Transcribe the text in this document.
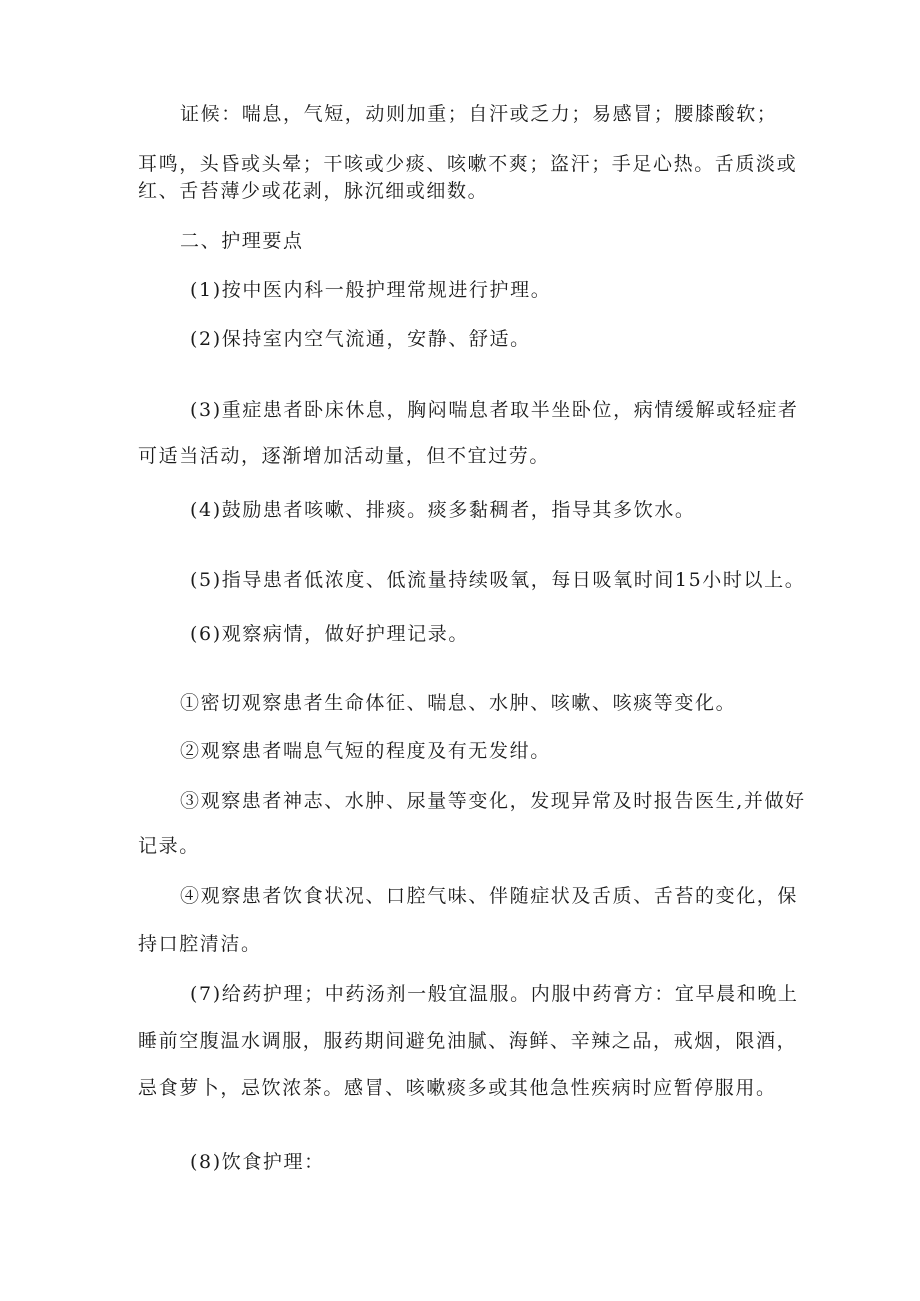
证候：喘息，气短，动则加重；自汗或乏力；易感冒；腰膝酸软；
耳鸣，头昏或头晕；干咳或少痰、咳嗽不爽；盗汗；手足心热。舌质淡或
红、舌苔薄少或花剥，脉沉细或细数。
二、护理要点
(1)按中医内科一般护理常规进行护理。
(2)保持室内空气流通，安静、舒适。
(3)重症患者卧床休息，胸闷喘息者取半坐卧位，病情缓解或轻症者
可适当活动，逐渐增加活动量，但不宜过劳。
(4)鼓励患者咳嗽、排痰。痰多黏稠者，指导其多饮水。
(5)指导患者低浓度、低流量持续吸氧，每日吸氧时间15小时以上。
(6)观察病情，做好护理记录。
①密切观察患者生命体征、喘息、水肿、咳嗽、咳痰等变化。
②观察患者喘息气短的程度及有无发绀。
③观察患者神志、水肿、尿量等变化，发现异常及时报告医生,并做好
记录。
④观察患者饮食状况、口腔气味、伴随症状及舌质、舌苔的变化，保
持口腔清洁。
(7)给药护理；中药汤剂一般宜温服。内服中药膏方：宜早晨和晚上
睡前空腹温水调服，服药期间避免油腻、海鲜、辛辣之品，戒烟，限酒，
忌食萝卜，忌饮浓茶。感冒、咳嗽痰多或其他急性疾病时应暂停服用。
(8)饮食护理：
